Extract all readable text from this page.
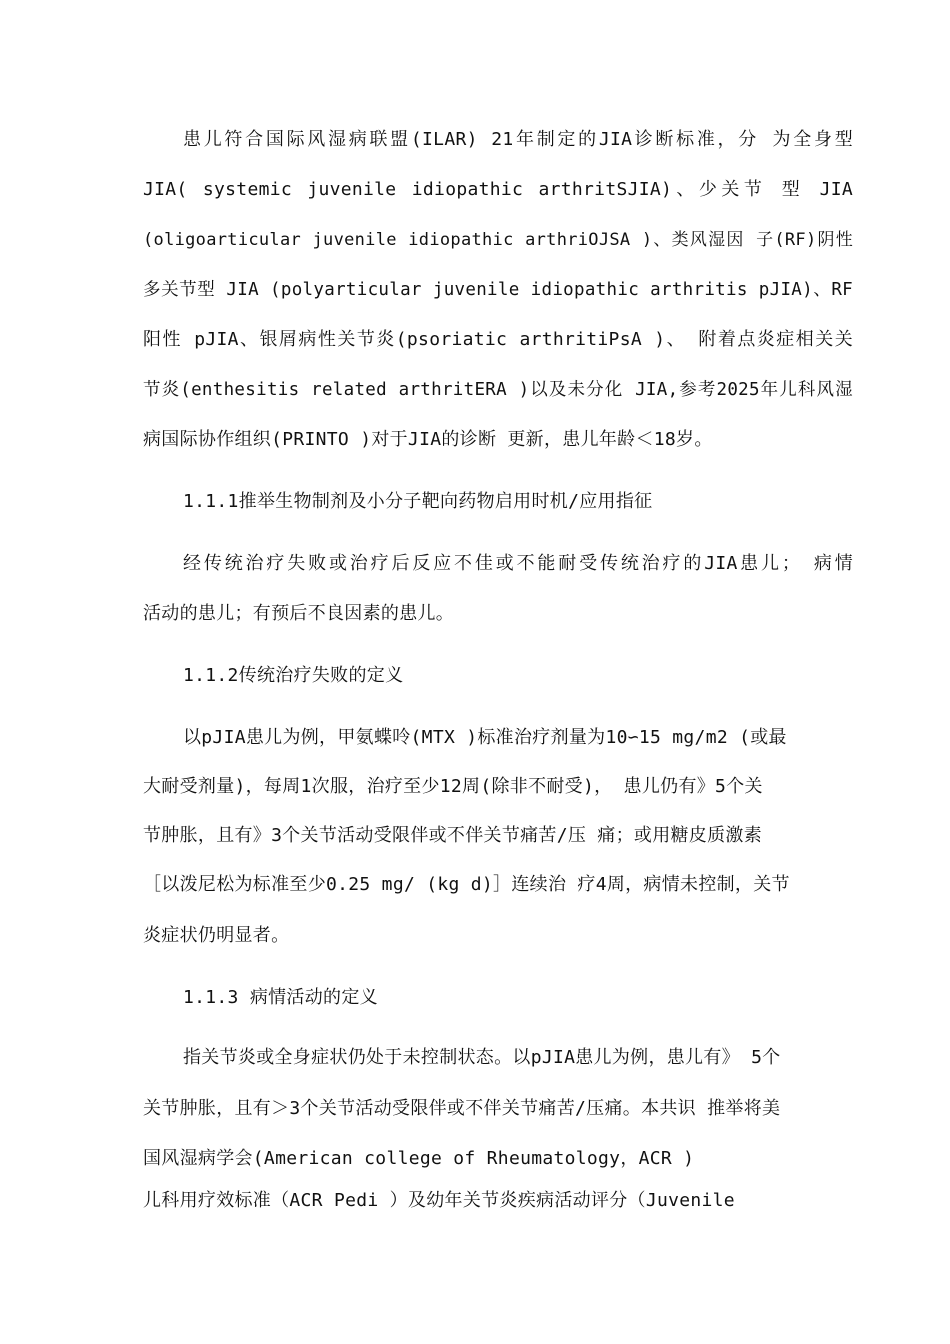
患儿符合国际风湿病联盟(ILAR) 21年制定的JIA诊断标准，分 为全身型
JIA( systemic juvenile idiopathic arthritSJIA)、少关节 型 JIA
(oligoarticular juvenile idiopathic arthriOJSA )、类风湿因 子(RF)阴性
多关节型 JIA (polyarticular juvenile idiopathic arthritis pJIA)、RF
阳性 pJIA、银屑病性关节炎(psoriatic arthritiPsA )、 附着点炎症相关关
节炎(enthesitis related arthritERA )以及未分化 JIA,参考2025年儿科风湿
病国际协作组织(PRINTO )对于JIA的诊断 更新，患儿年龄＜18岁。
1.1.1推举生物制剂及小分子靶向药物启用时机/应用指征
经传统治疗失败或治疗后反应不佳或不能耐受传统治疗的JIA患儿； 病情
活动的患儿；有预后不良因素的患儿。
1.1.2传统治疗失败的定义
以pJIA患儿为例，甲氨蝶呤(MTX )标准治疗剂量为10∽15 mg/m2 (或最
大耐受剂量)，每周1次服，治疗至少12周(除非不耐受)， 患儿仍有》5个关
节肿胀，且有》3个关节活动受限伴或不伴关节痛苦/压 痛；或用糖皮质激素
［以泼尼松为标准至少0.25 mg/ (kg d)］连续治 疗4周，病情未控制，关节
炎症状仍明显者。
1.1.3 病情活动的定义
指关节炎或全身症状仍处于未控制状态。以pJIA患儿为例，患儿有》 5个
关节肿胀，且有＞3个关节活动受限伴或不伴关节痛苦/压痛。本共识 推举将美
国风湿病学会(American college of Rheumatology，ACR )
儿科用疗效标准（ACR Pedi ）及幼年关节炎疾病活动评分（Juvenile
